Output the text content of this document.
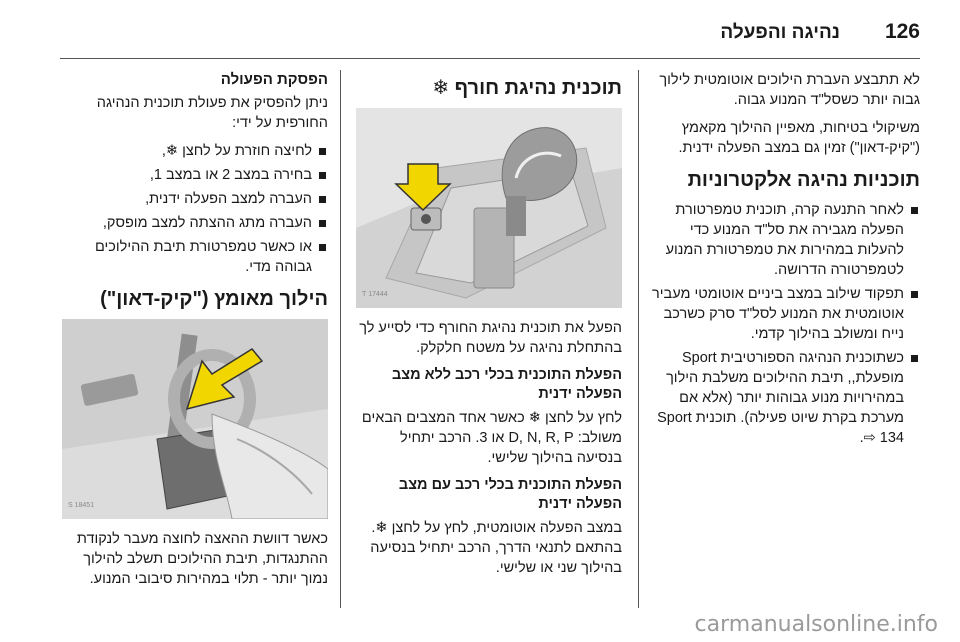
126
נהיגה והפעלה

לא תתבצע העברת הילוכים אוטומטית לילוך גבוה יותר כשסל"ד המנוע גבוה.

משיקולי בטיחות, מאפיין ההילוך מקאמץ ("קיק-דאון") זמין גם במצב הפעלה ידנית.

תוכניות נהיגה אלקטרוניות
לאחר התנעה קרה, תוכנית טמפרטורת הפעלה מגבירה את סל"ד המנוע כדי להעלות במהירות את טמפרטורת המנוע לטמפרטורה הדרושה.
תפקוד שילוב במצב ביניים אוטומטי מעביר אוטומטית את המנוע לסל"ד סרק כשרכב נייח ומשולב בהילוך קדמי.
כשתוכנית הנהיגה הספורטיבית Sport מופעלת,, תיבת ההילוכים משלבת הילוך במהירויות מנוע גבוהות יותר (אלא אם מערכת בקרת שיוט פעילה). תוכנית Sport ⇨ 134.
תוכנית נהיגת חורף ❄
17444 T

הפעל את תוכנית נהיגת החורף כדי לסייע לך בהתחלת נהיגה על משטח חלקלק.

הפעלת התוכנית בכלי רכב ללא מצב הפעלה ידנית

לחץ על לחצן ❄ כאשר אחד המצבים הבאים משולב: D, N, R, P או 3. הרכב יתחיל בנסיעה בהילוך שלישי.

הפעלת התוכנית בכלי רכב עם מצב הפעלה ידנית

במצב הפעלה אוטומטית, לחץ על לחצן ❄. בהתאם לתנאי הדרך, הרכב יתחיל בנסיעה בהילוך שני או שלישי.

הפסקת הפעולה

ניתן להפסיק את פעולת תוכנית הנהיגה החורפית על ידי:

לחיצה חוזרת על לחצן ❄,
בחירה במצב 2 או במצב 1,
העברה למצב הפעלה ידנית,
העברה מתג ההצתה למצב מופסק,
או כאשר טמפרטורת תיבת ההילוכים גבוהה מדי.
הילוך מאומץ ("קיק-דאון")
18451 S

כאשר דוושת ההאצה לחוצה מעבר לנקודת ההתנגדות, תיבת ההילוכים תשלב להילוך נמוך יותר - תלוי במהירות סיבובי המנוע.

carmanualsonline.info
